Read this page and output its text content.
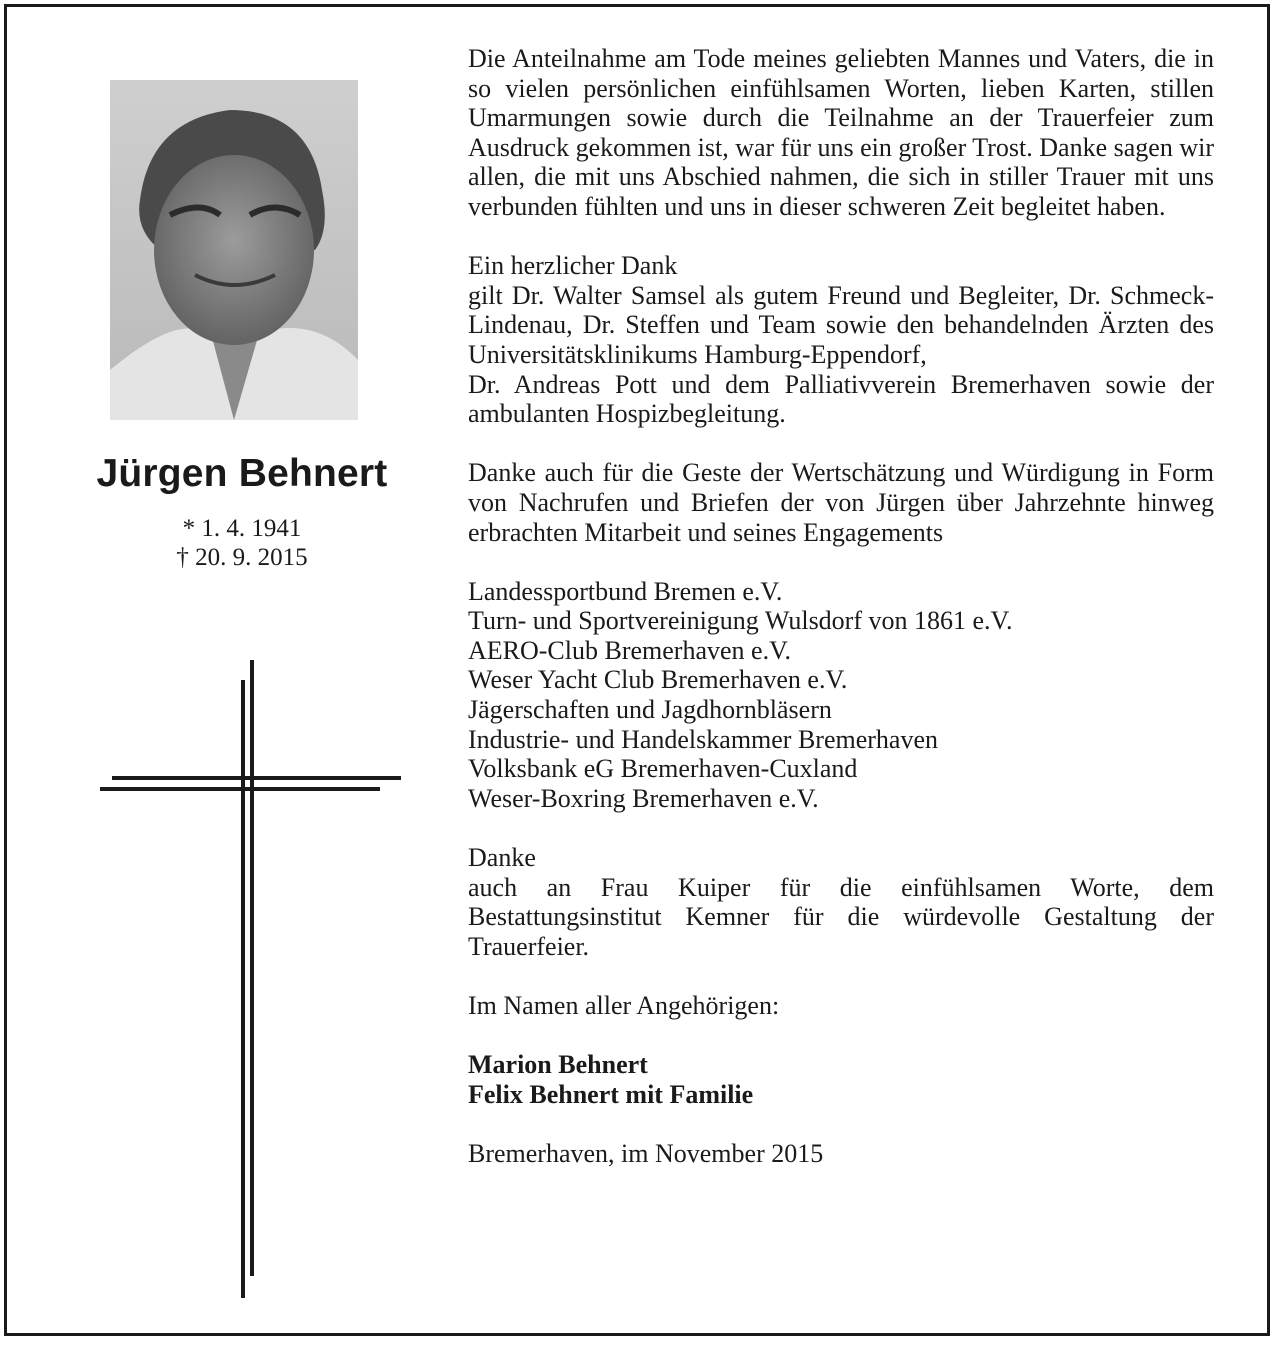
Jürgen Behnert
* 1. 4. 1941
† 20. 9. 2015

Die Anteilnahme am Tode meines geliebten Mannes und Vaters, die in so vielen persönlichen einfühlsamen Worten, lieben Karten, stillen Umarmungen sowie durch die Teilnahme an der Trauerfeier zum Ausdruck gekommen ist, war für uns ein großer Trost. Danke sagen wir allen, die mit uns Abschied nahmen, die sich in stiller Trauer mit uns verbunden fühlten und uns in dieser schweren Zeit begleitet haben.

Ein herzlicher Dank

gilt Dr. Walter Samsel als gutem Freund und Begleiter, Dr. Schmeck-Lindenau, Dr. Steffen und Team sowie den behandelnden Ärzten des Universitätsklinikums Hamburg-Eppendorf,

Dr. Andreas Pott und dem Palliativverein Bremerhaven sowie der ambulanten Hospizbegleitung.

Danke auch für die Geste der Wertschätzung und Würdigung in Form von Nachrufen und Briefen der von Jürgen über Jahrzehnte hinweg erbrachten Mitarbeit und seines Engagements

Landessportbund Bremen e.V.

Turn- und Sportvereinigung Wulsdorf von 1861 e.V.

AERO-Club Bremerhaven e.V.

Weser Yacht Club Bremerhaven e.V.

Jägerschaften und Jagdhornbläsern

Industrie- und Handelskammer Bremerhaven

Volksbank eG Bremerhaven-Cuxland

Weser-Boxring Bremerhaven e.V.

Danke

auch an Frau Kuiper für die einfühlsamen Worte, dem Bestattungsinstitut Kemner für die würdevolle Gestaltung der Trauerfeier.

Im Namen aller Angehörigen:

Marion Behnert

Felix Behnert mit Familie

Bremerhaven, im November 2015
